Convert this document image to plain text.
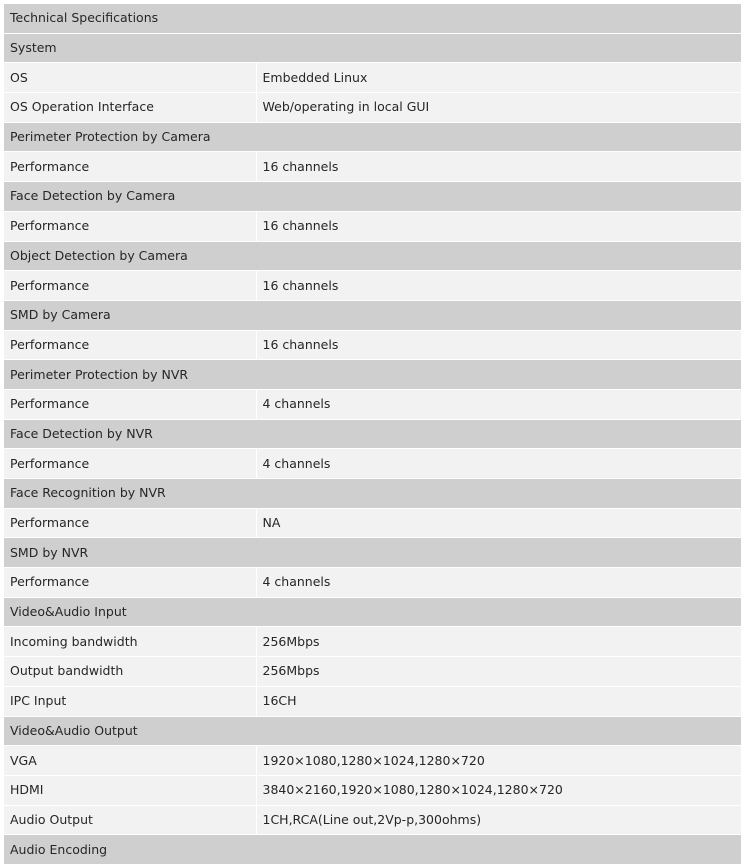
Technical Specifications	
System	
OS	Embedded Linux
OS Operation Interface	Web/operating in local GUI
Perimeter Protection by Camera	
Performance	16 channels
Face Detection by Camera	
Performance	16 channels
Object Detection by Camera	
Performance	16 channels
SMD by Camera	
Performance	16 channels
Perimeter Protection by NVR	
Performance	4 channels
Face Detection by NVR	
Performance	4 channels
Face Recognition by NVR	
Performance	NA
SMD by NVR	
Performance	4 channels
Video&Audio Input	
Incoming bandwidth	256Mbps
Output bandwidth	256Mbps
IPC Input	16CH
Video&Audio Output	
VGA	1920×1080,1280×1024,1280×720
HDMI	3840×2160,1920×1080,1280×1024,1280×720
Audio Output	1CH,RCA(Line out,2Vp-p,300ohms)
Audio Encoding	
